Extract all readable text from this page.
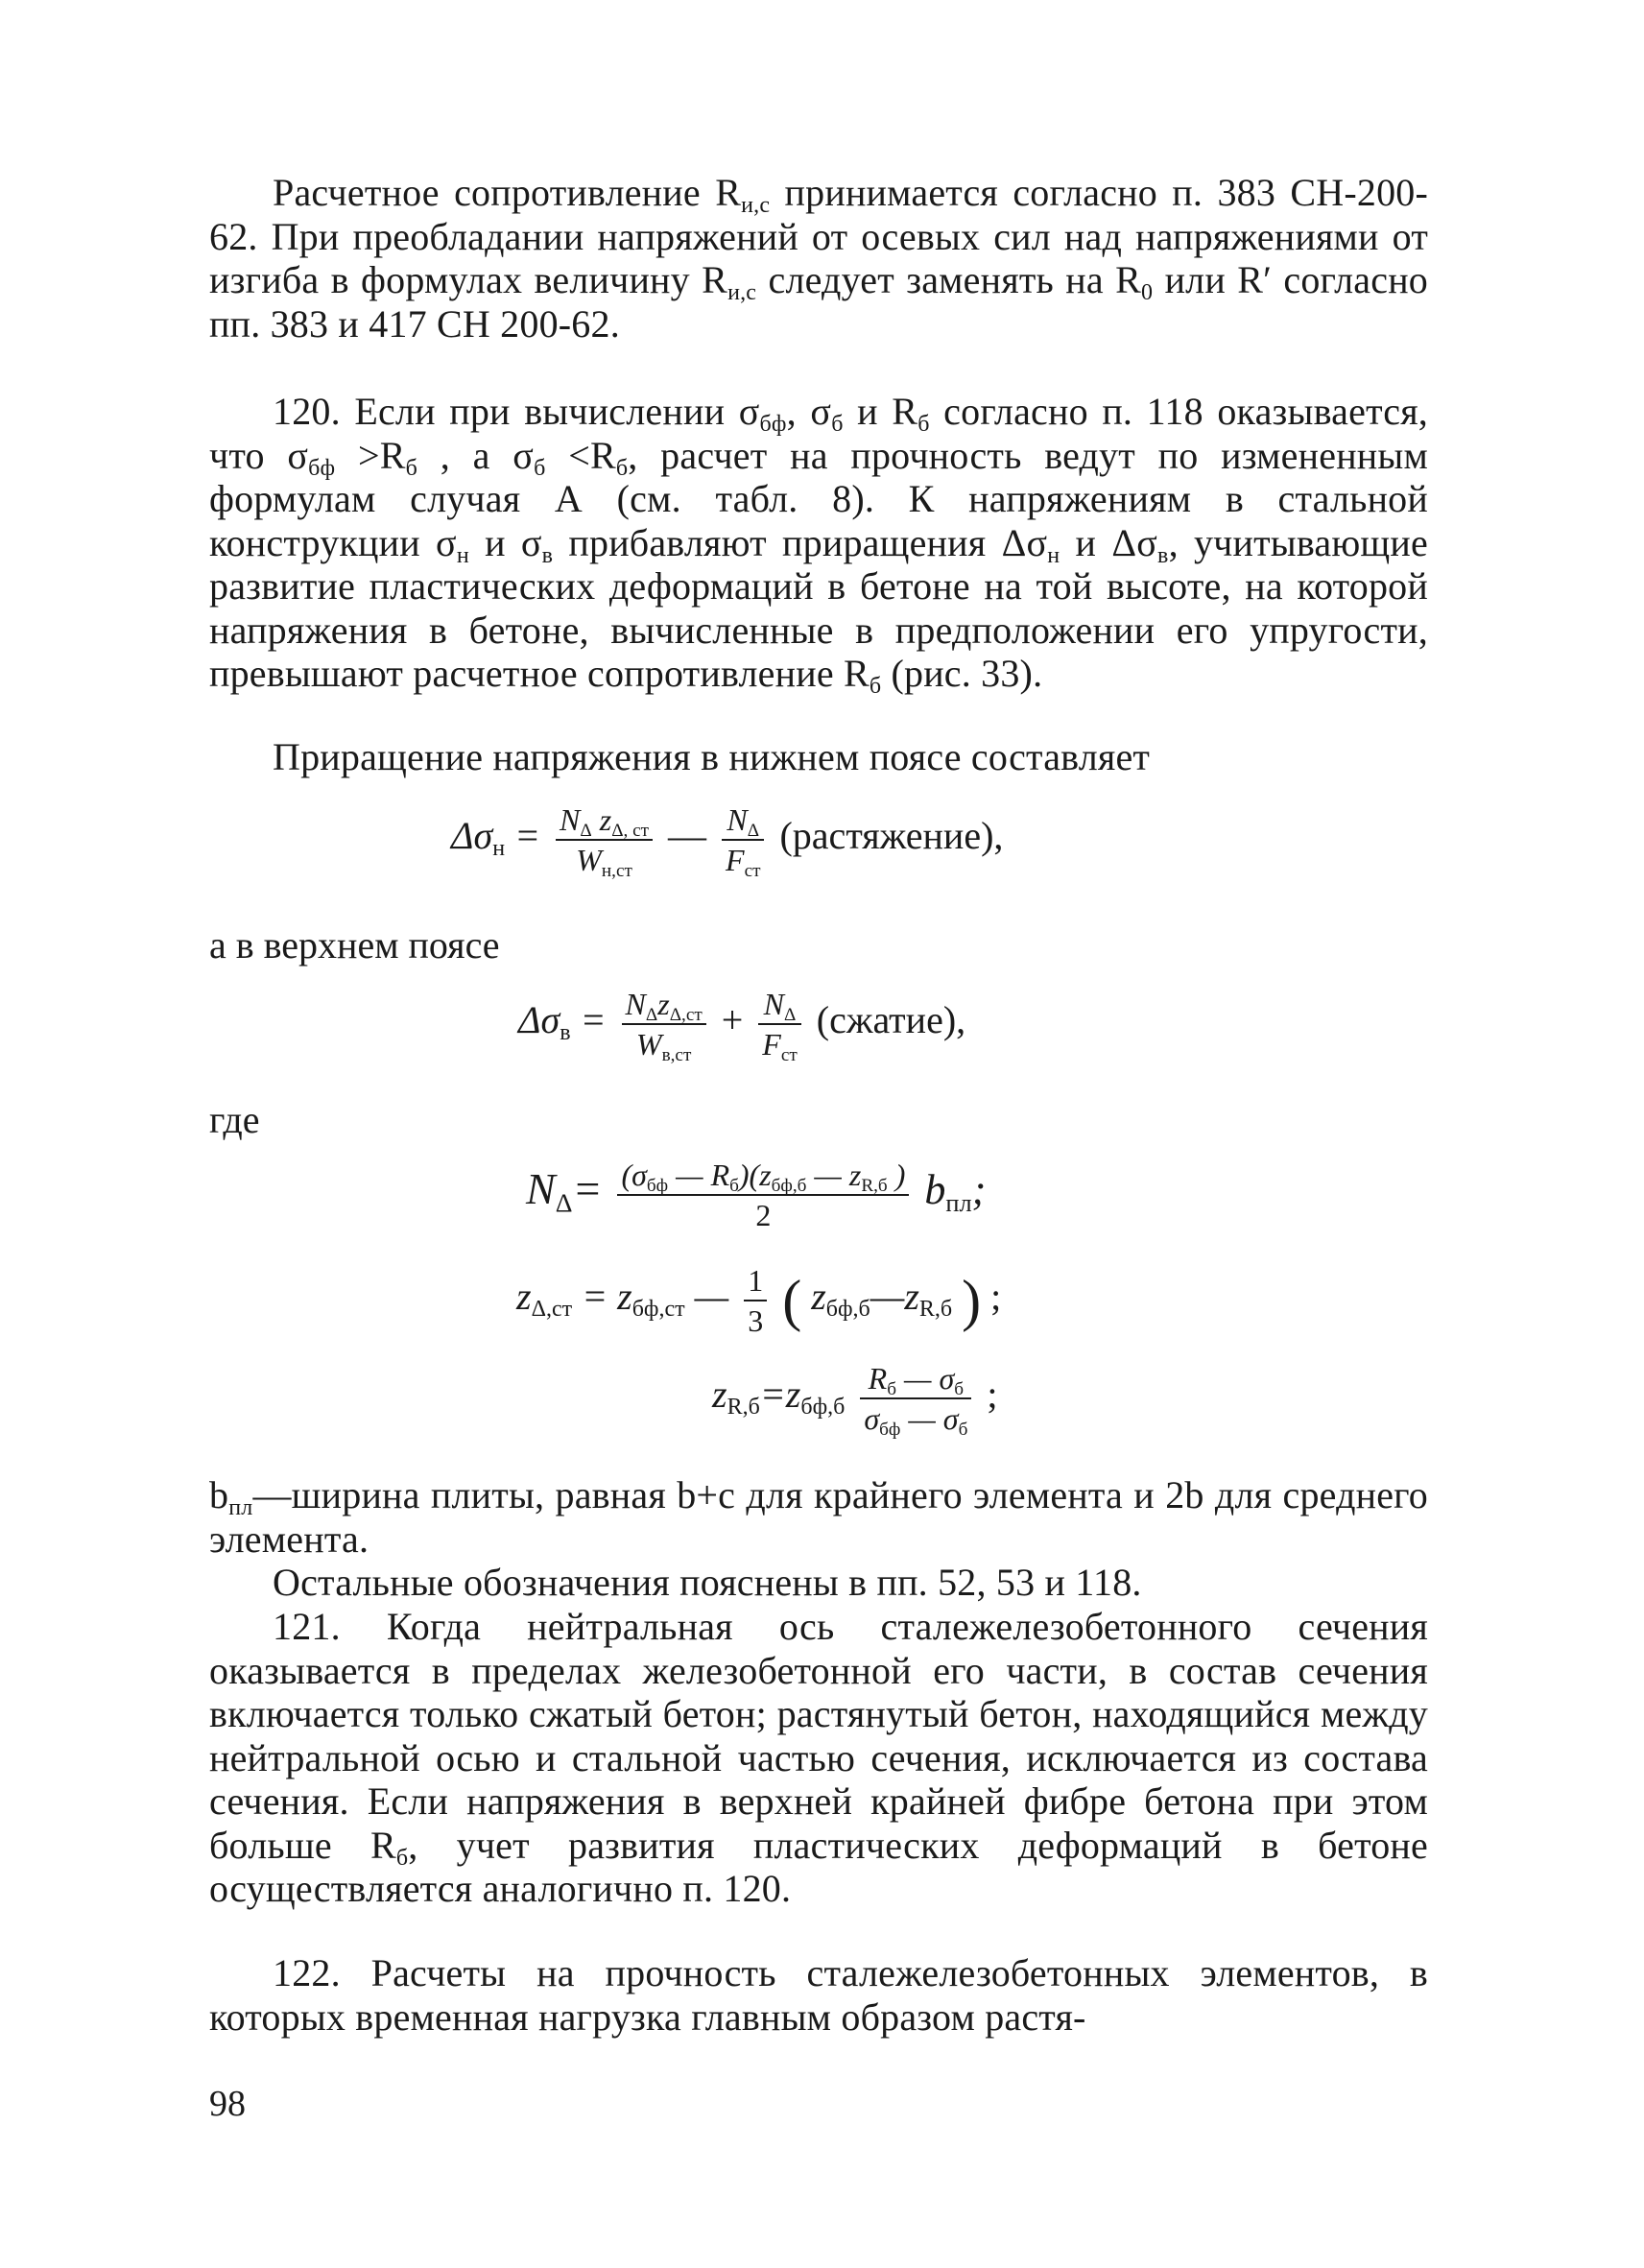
Расчетное сопротивление $R_{и,с}$ принимается согласно п. 383 СН-200-62. При преобладании напряжений от осевых сил над напряжениями от изгиба в формулах величину $R_{и,с}$ следует заменять на $R_0$ или R′ согласно пп. 383 и 417 СН 200-62.
120. Если при вычислении $\sigma_{бф}$, $\sigma_б$ и $R_б$ согласно п. 118 оказывается, что $\sigma_{бф} >R_б$ , а $\sigma_б <R_б$, расчет на прочность ведут по измененным формулам случая А (см. табл. 8). К напряжениям в стальной конструкции $\sigma_н$ и $\sigma_в$ прибавляют приращения $\Delta\sigma_н$ и $\Delta\sigma_в$, учитывающие развитие пластических деформаций в бетоне на той высоте, на которой напряжения в бетоне, вычисленные в предположении его упругости, превышают расчетное сопротивление $R_б$ (рис. 33).
Приращение напряжения в нижнем поясе составляет
$\Delta\sigma_н = \frac{N_\Delta z_{\Delta, ст}}{W_{н,ст}}$ — $\frac{N_\Delta}{F_{ст}}$ (растяжение),
а в верхнем поясе
$\Delta\sigma_в = \frac{N_\Delta z_{\Delta,ст}}{W_{в,ст}} + \frac{N_\Delta}{F_{ст}}$ (сжатие),
где
$N_\Delta= \frac{(\sigma_{бф} — R_б)(z_{бф,б} — z_{R,б} )}{2} b_{пл}$;
$z_{\Delta,ст} = z_{бф,ст}$ — $\frac{1}{3}$ ( $z_{бф,б}—z_{R,б}$ ) ;
$z_{R,б}=z_{бф,б} \frac{R_б — \sigma_б}{\sigma_{бф} — \sigma_б}$ ;
$b_{пл}—ширина$ плиты, равная b+c для крайнего элемента и 2b для среднего элемента.
Остальные обозначения пояснены в пп. 52, 53 и 118.
121. Когда нейтральная ось сталежелезобетонного сечения оказывается в пределах железобетонной его части, в состав сечения включается только сжатый бетон; растянутый бетон, находящийся между нейтральной осью и стальной частью сечения, исключается из состава сечения. Если напряжения в верхней крайней фибре бетона при этом больше $R_б$, учет развития пластических деформаций в бетоне осуществляется аналогично п. 120.
122. Расчеты на прочность сталежелезобетонных элементов, в которых временная нагрузка главным образом растя-
98
